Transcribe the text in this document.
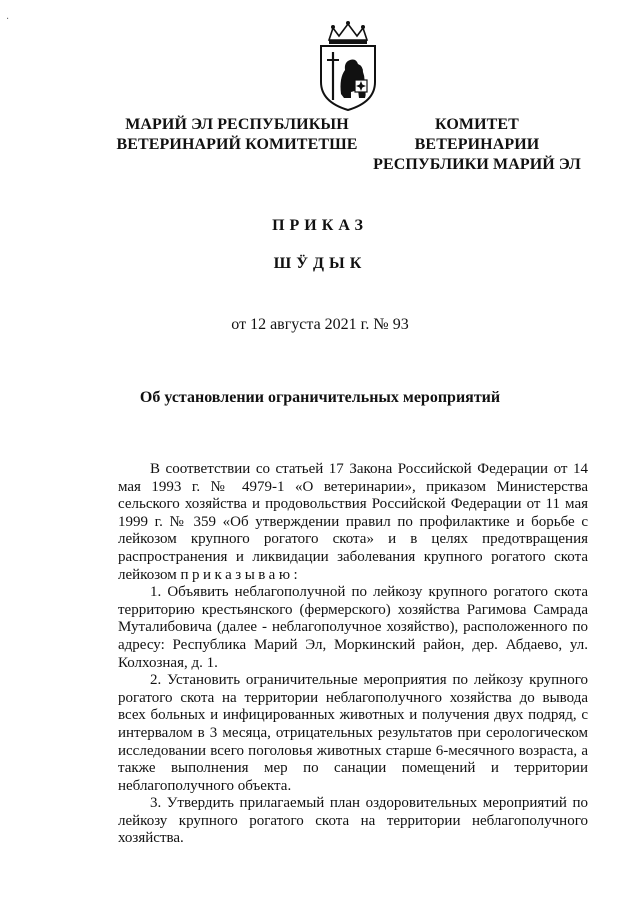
·
МАРИЙ ЭЛ РЕСПУБЛИКЫН
ВЕТЕРИНАРИЙ КОМИТЕТШЕ
КОМИТЕТ ВЕТЕРИНАРИИ
РЕСПУБЛИКИ МАРИЙ ЭЛ
ПРИКАЗ
ШӰДЫК
от 12 августа 2021 г. № 93
Об установлении ограничительных мероприятий

В соответствии со статьей 17 Закона Российской Федерации от 14 мая 1993 г. № 4979-1 «О ветеринарии», приказом Министерства сельского хозяйства и продовольствия Российской Федерации от 11 мая 1999 г. № 359 «Об утверждении правил по профилактике и борьбе с лейкозом крупного рогатого скота» и в целях предотвращения распространения и ликвидации заболевания крупного рогатого скота лейкозом приказываю:

1. Объявить неблагополучной по лейкозу крупного рогатого скота территорию крестьянского (фермерского) хозяйства Рагимова Самрада Муталибовича (далее - неблагополучное хозяйство), расположенного по адресу: Республика Марий Эл, Моркинский район, дер. Абдаево, ул. Колхозная, д. 1.

2. Установить ограничительные мероприятия по лейкозу крупного рогатого скота на территории неблагополучного хозяйства до вывода всех больных и инфицированных животных и получения двух подряд, с интервалом в 3 месяца, отрицательных результатов при серологическом исследовании всего поголовья животных старше 6-месячного возраста, а также выполнения мер по санации помещений и территории неблагополучного объекта.

3. Утвердить прилагаемый план оздоровительных мероприятий по лейкозу крупного рогатого скота на территории неблагополучного хозяйства.
